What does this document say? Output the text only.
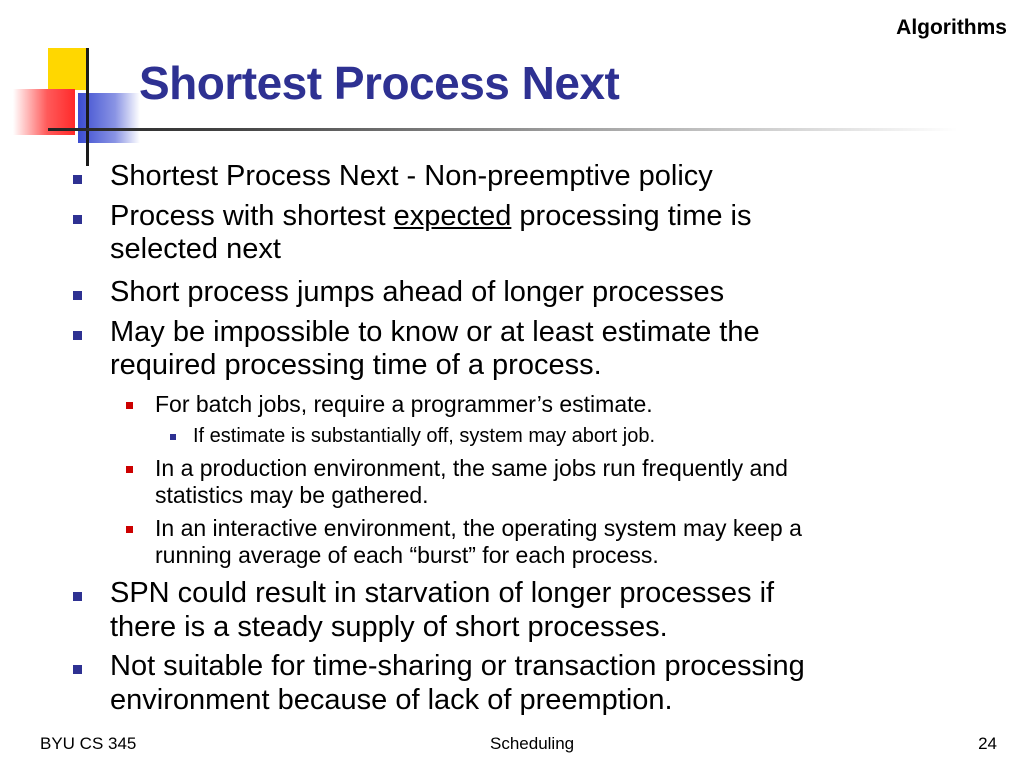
Algorithms
Shortest Process Next
Shortest Process Next - Non-preemptive policy
Process with shortest expected processing time is
selected next
Short process jumps ahead of longer processes
May be impossible to know or at least estimate the
required processing time of a process.
For batch jobs, require a programmer’s estimate.
If estimate is substantially off, system may abort job.
In a production environment, the same jobs run frequently and
statistics may be gathered.
In an interactive environment, the operating system may keep a
running average of each “burst” for each process.
SPN could result in starvation of longer processes if
there is a steady supply of short processes.
Not suitable for time-sharing or transaction processing
environment because of lack of preemption.
BYU CS 345	Scheduling	24
